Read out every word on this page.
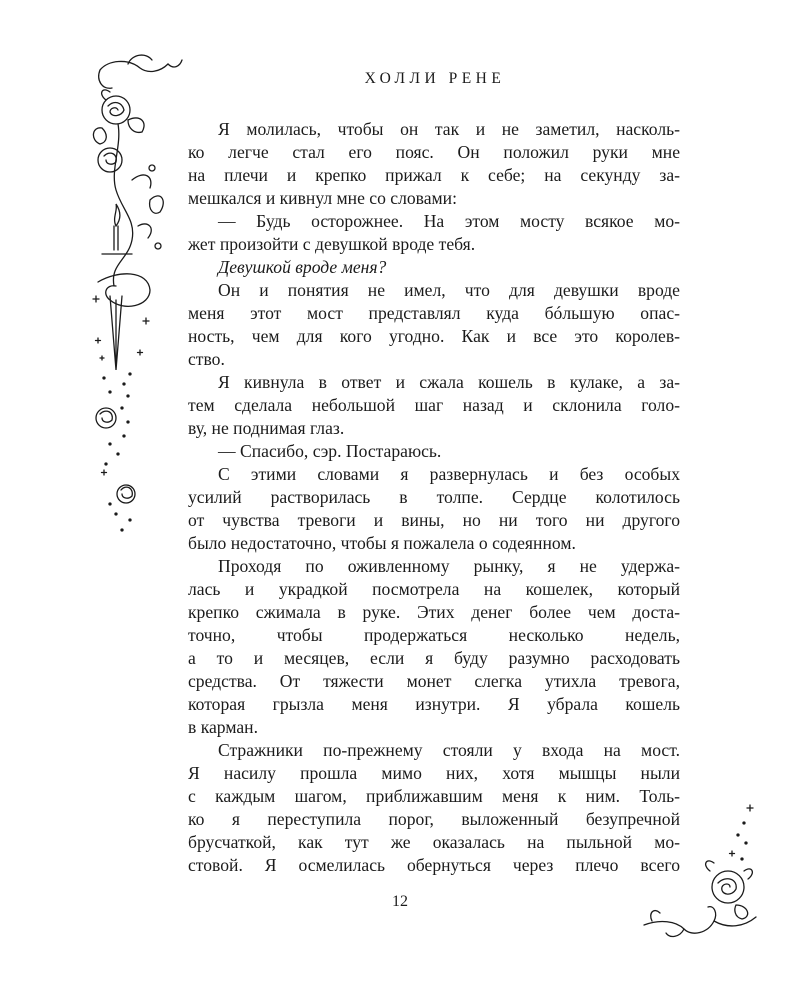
ХОЛЛИ РЕНЕ
Я молилась, чтобы он так и не заметил, насколь-
ко легче стал его пояс. Он положил руки мне
на плечи и крепко прижал к себе; на секунду за-
мешкался и кивнул мне со словами:
— Будь осторожнее. На этом мосту всякое мо-
жет произойти с девушкой вроде тебя.
Девушкой вроде меня?
Он и понятия не имел, что для девушки вроде
меня этот мост представлял куда бóльшую опас-
ность, чем для кого угодно. Как и все это королев-
ство.
Я кивнула в ответ и сжала кошель в кулаке, а за-
тем сделала небольшой шаг назад и склонила голо-
ву, не поднимая глаз.
— Спасибо, сэр. Постараюсь.
С этими словами я развернулась и без особых
усилий растворилась в толпе. Сердце колотилось
от чувства тревоги и вины, но ни того ни другого
было недостаточно, чтобы я пожалела о содеянном.
Проходя по оживленному рынку, я не удержа-
лась и украдкой посмотрела на кошелек, который
крепко сжимала в руке. Этих денег более чем доста-
точно, чтобы продержаться несколько недель,
а то и месяцев, если я буду разумно расходовать
средства. От тяжести монет слегка утихла тревога,
которая грызла меня изнутри. Я убрала кошель
в карман.
Стражники по-прежнему стояли у входа на мост.
Я насилу прошла мимо них, хотя мышцы ныли
с каждым шагом, приближавшим меня к ним. Толь-
ко я переступила порог, выложенный безупречной
брусчаткой, как тут же оказалась на пыльной мо-
стовой. Я осмелилась обернуться через плечо всего
12
